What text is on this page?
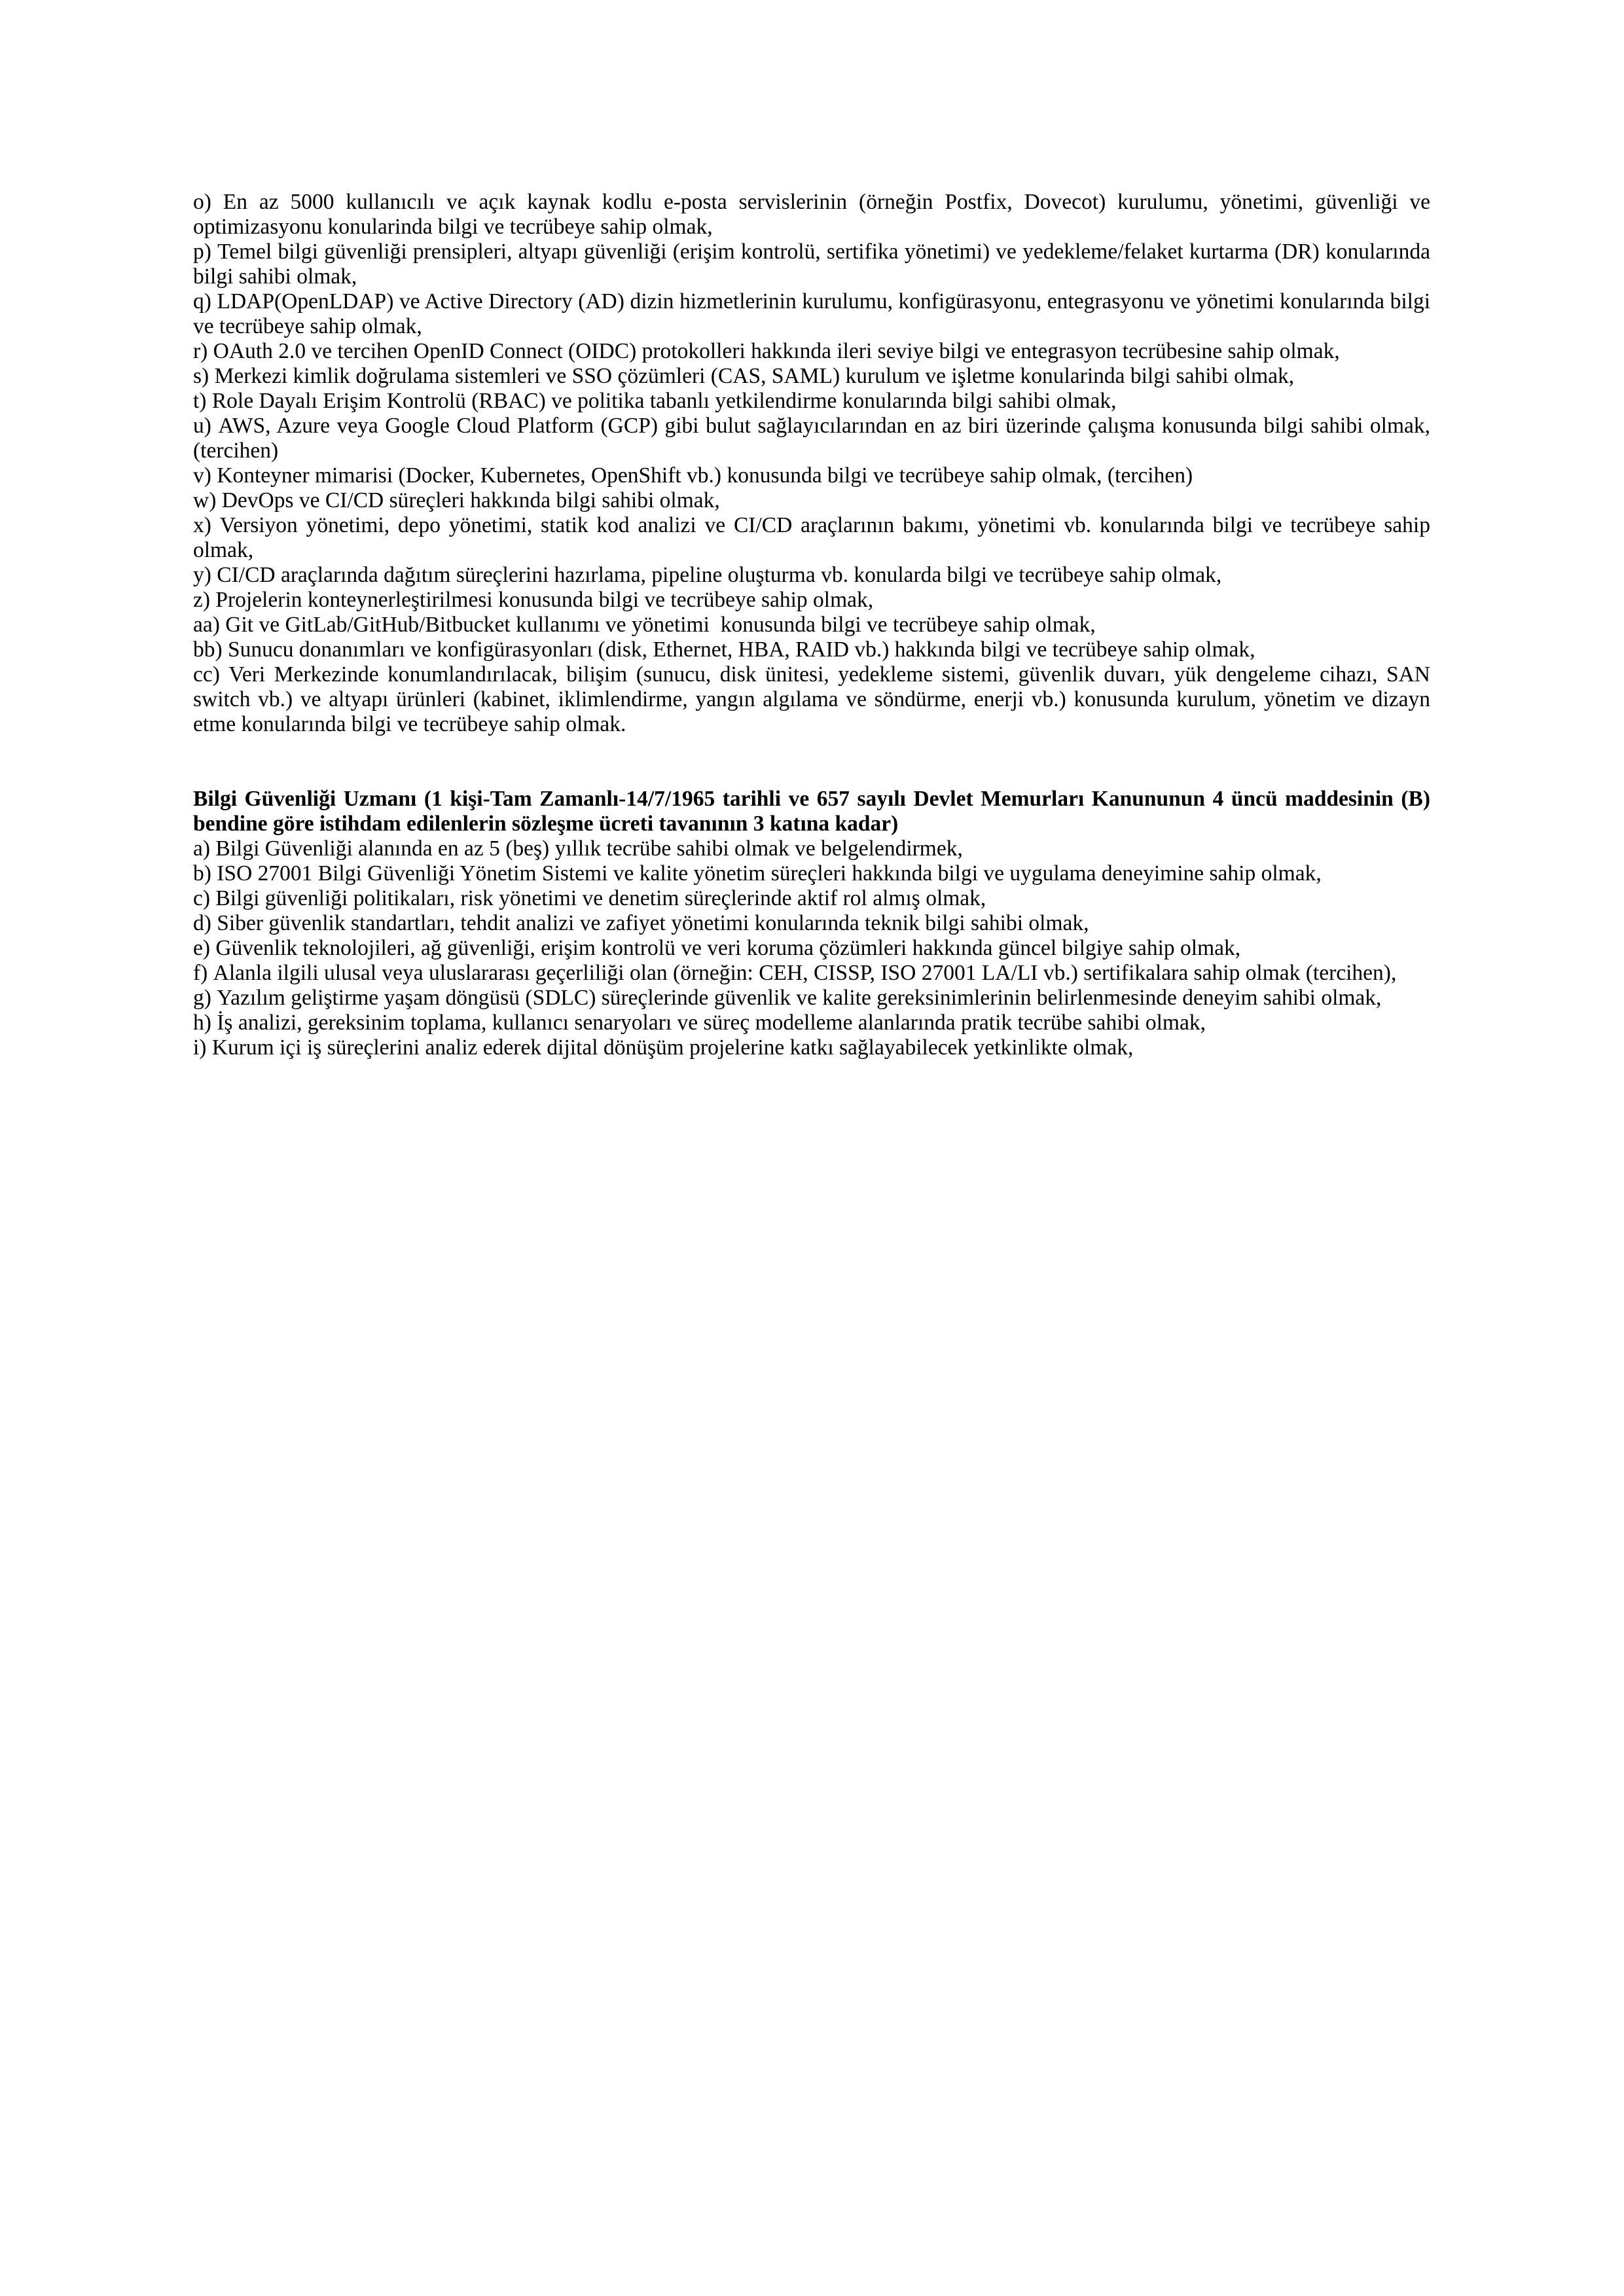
o) En az 5000 kullanıcılı ve açık kaynak kodlu e-posta servislerinin (örneğin Postfix, Dovecot) kurulumu, yönetimi, güvenliği ve optimizasyonu konularinda bilgi ve tecrübeye sahip olmak,

p) Temel bilgi güvenliği prensipleri, altyapı güvenliği (erişim kontrolü, sertifika yönetimi) ve yedekleme/felaket kurtarma (DR) konularında bilgi sahibi olmak,

q) LDAP(OpenLDAP) ve Active Directory (AD) dizin hizmetlerinin kurulumu, konfigürasyonu, entegrasyonu ve yönetimi konularında bilgi ve tecrübeye sahip olmak,

r) OAuth 2.0 ve tercihen OpenID Connect (OIDC) protokolleri hakkında ileri seviye bilgi ve entegrasyon tecrübesine sahip olmak,

s) Merkezi kimlik doğrulama sistemleri ve SSO çözümleri (CAS, SAML) kurulum ve işletme konularinda bilgi sahibi olmak,

t) Role Dayalı Erişim Kontrolü (RBAC) ve politika tabanlı yetkilendirme konularında bilgi sahibi olmak,

u) AWS, Azure veya Google Cloud Platform (GCP) gibi bulut sağlayıcılarından en az biri üzerinde çalışma konusunda bilgi sahibi olmak, (tercihen)

v) Konteyner mimarisi (Docker, Kubernetes, OpenShift vb.) konusunda bilgi ve tecrübeye sahip olmak, (tercihen)

w) DevOps ve CI/CD süreçleri hakkında bilgi sahibi olmak,

x) Versiyon yönetimi, depo yönetimi, statik kod analizi ve CI/CD araçlarının bakımı, yönetimi vb. konularında bilgi ve tecrübeye sahip olmak,

y) CI/CD araçlarında dağıtım süreçlerini hazırlama, pipeline oluşturma vb. konularda bilgi ve tecrübeye sahip olmak,

z) Projelerin konteynerleştirilmesi konusunda bilgi ve tecrübeye sahip olmak,

aa) Git ve GitLab/GitHub/Bitbucket kullanımı ve yönetimi  konusunda bilgi ve tecrübeye sahip olmak,

bb) Sunucu donanımları ve konfigürasyonları (disk, Ethernet, HBA, RAID vb.) hakkında bilgi ve tecrübeye sahip olmak,

cc) Veri Merkezinde konumlandırılacak, bilişim (sunucu, disk ünitesi, yedekleme sistemi, güvenlik duvarı, yük dengeleme cihazı, SAN switch vb.) ve altyapı ürünleri (kabinet, iklimlendirme, yangın algılama ve söndürme, enerji vb.) konusunda kurulum, yönetim ve dizayn etme konularında bilgi ve tecrübeye sahip olmak.

Bilgi Güvenliği Uzmanı (1 kişi-Tam Zamanlı-14/7/1965 tarihli ve 657 sayılı Devlet Memurları Kanununun 4 üncü maddesinin (B) bendine göre istihdam edilenlerin sözleşme ücreti tavanının 3 katına kadar)

a) Bilgi Güvenliği alanında en az 5 (beş) yıllık tecrübe sahibi olmak ve belgelendirmek,

b) ISO 27001 Bilgi Güvenliği Yönetim Sistemi ve kalite yönetim süreçleri hakkında bilgi ve uygulama deneyimine sahip olmak,

c) Bilgi güvenliği politikaları, risk yönetimi ve denetim süreçlerinde aktif rol almış olmak,

d) Siber güvenlik standartları, tehdit analizi ve zafiyet yönetimi konularında teknik bilgi sahibi olmak,

e) Güvenlik teknolojileri, ağ güvenliği, erişim kontrolü ve veri koruma çözümleri hakkında güncel bilgiye sahip olmak,

f) Alanla ilgili ulusal veya uluslararası geçerliliği olan (örneğin: CEH, CISSP, ISO 27001 LA/LI vb.) sertifikalara sahip olmak (tercihen),

g) Yazılım geliştirme yaşam döngüsü (SDLC) süreçlerinde güvenlik ve kalite gereksinimlerinin belirlenmesinde deneyim sahibi olmak,

h) İş analizi, gereksinim toplama, kullanıcı senaryoları ve süreç modelleme alanlarında pratik tecrübe sahibi olmak,

i) Kurum içi iş süreçlerini analiz ederek dijital dönüşüm projelerine katkı sağlayabilecek yetkinlikte olmak,
